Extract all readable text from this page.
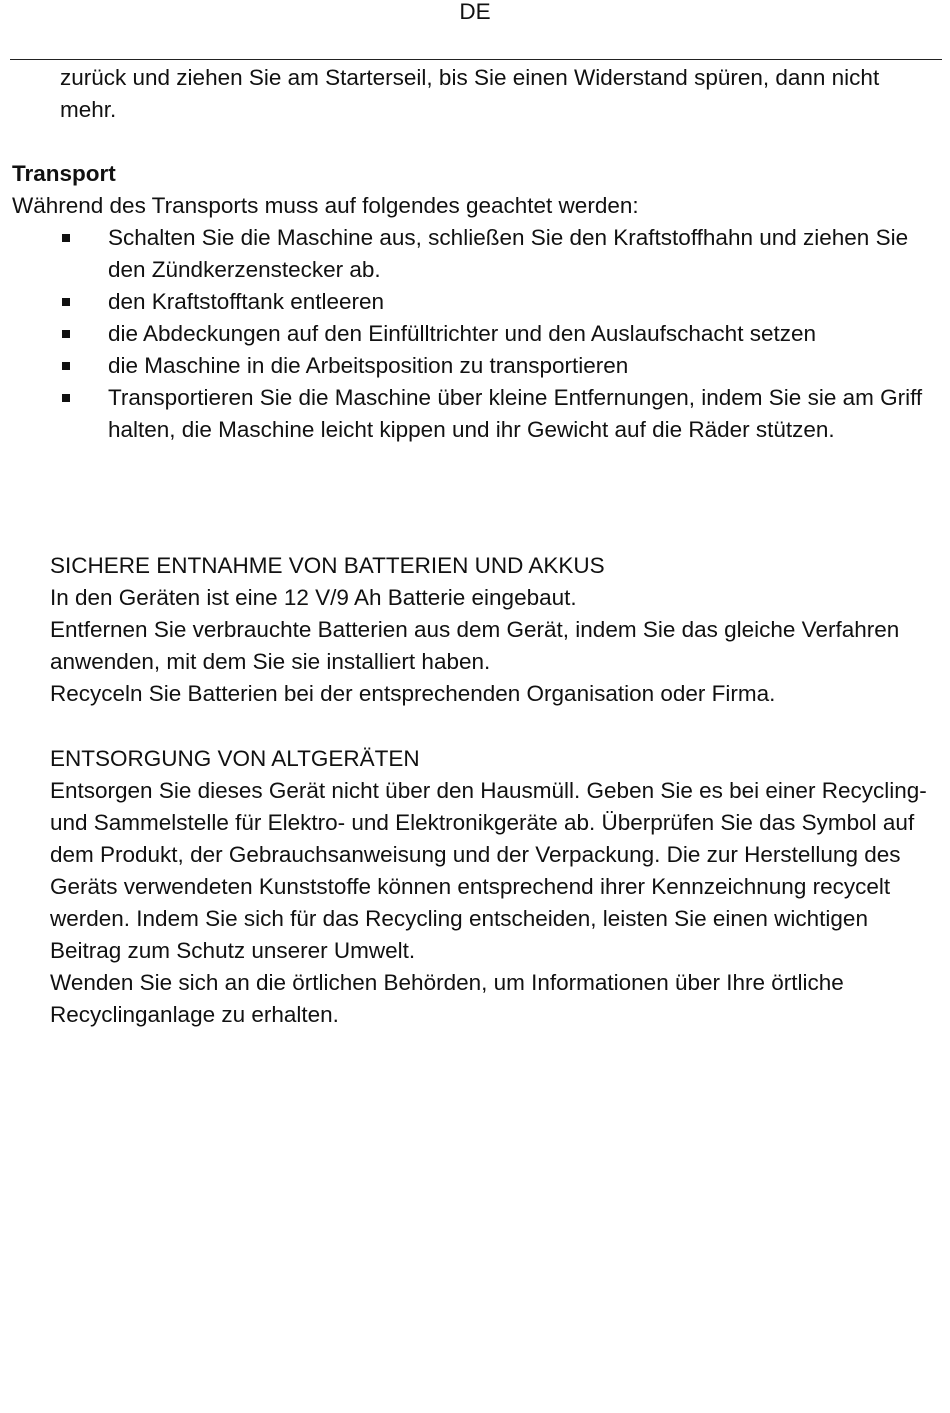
DE

zurück und ziehen Sie am Starterseil, bis Sie einen Widerstand spüren, dann nicht mehr.

Transport
Während des Transports muss auf folgendes geachtet werden:
Schalten Sie die Maschine aus, schließen Sie den Kraftstoffhahn und ziehen Sie den Zündkerzenstecker ab.
den Kraftstofftank entleeren
die Abdeckungen auf den Einfülltrichter und den Auslaufschacht setzen
die Maschine in die Arbeitsposition zu transportieren
Transportieren Sie die Maschine über kleine Entfernungen, indem Sie sie am Griff halten, die Maschine leicht kippen und ihr Gewicht auf die Räder stützen.
SICHERE ENTNAHME VON BATTERIEN UND AKKUS

In den Geräten ist eine 12 V/9 Ah Batterie eingebaut.

Entfernen Sie verbrauchte Batterien aus dem Gerät, indem Sie das gleiche Verfahren anwenden, mit dem Sie sie installiert haben.

Recyceln Sie Batterien bei der entsprechenden Organisation oder Firma.

ENTSORGUNG VON ALTGERÄTEN

Entsorgen Sie dieses Gerät nicht über den Hausmüll. Geben Sie es bei einer Recycling- und Sammelstelle für Elektro- und Elektronikgeräte ab. Überprüfen Sie das Symbol auf dem Produkt, der Gebrauchsanweisung und der Verpackung. Die zur Herstellung des Geräts verwendeten Kunststoffe können entsprechend ihrer Kennzeichnung recycelt werden. Indem Sie sich für das Recycling entscheiden, leisten Sie einen wichtigen Beitrag zum Schutz unserer Umwelt.

Wenden Sie sich an die örtlichen Behörden, um Informationen über Ihre örtliche Recyclinganlage zu erhalten.
